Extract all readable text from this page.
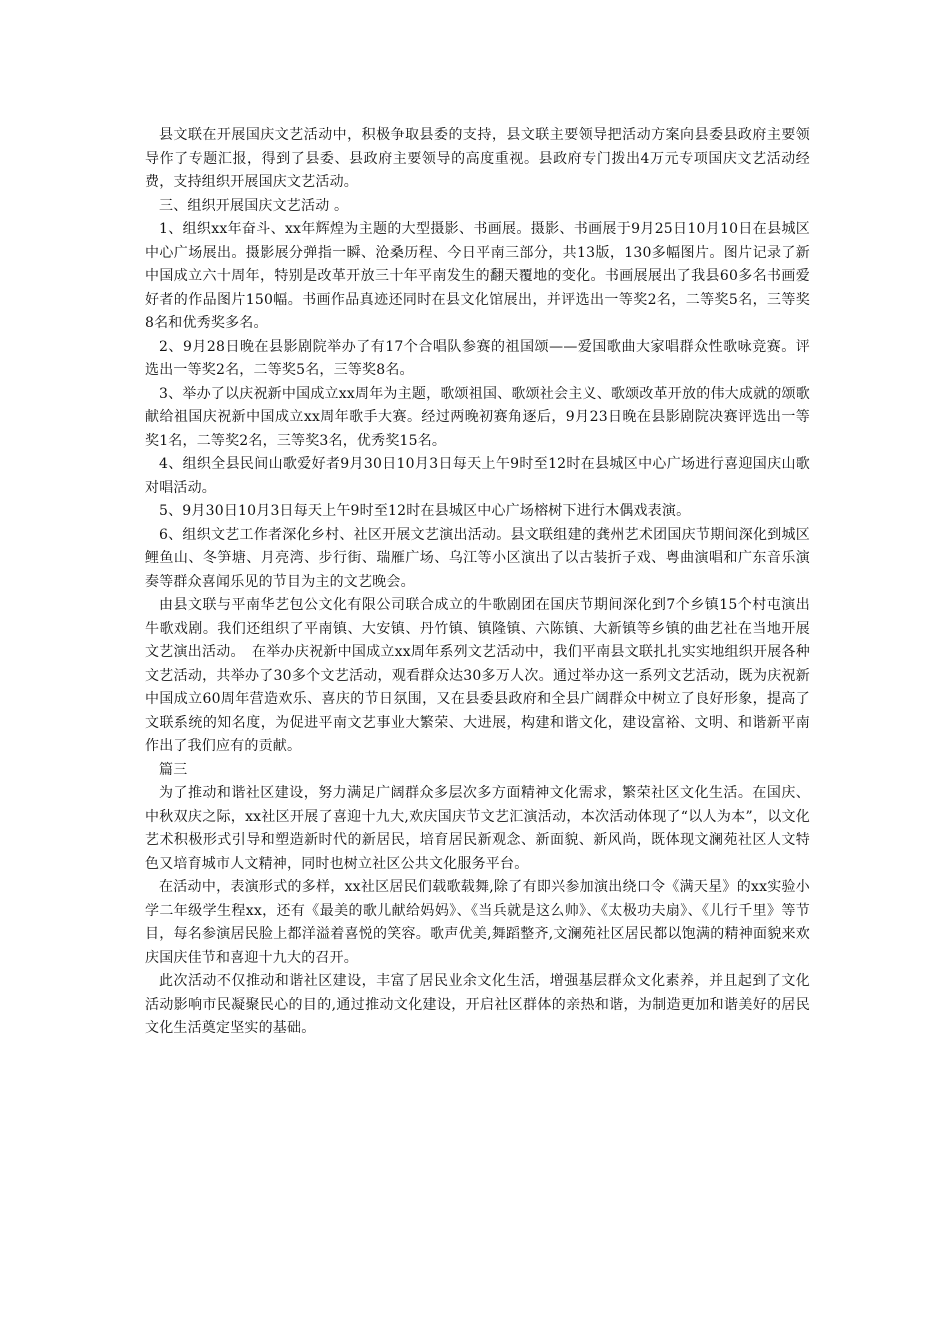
县文联在开展国庆文艺活动中，积极争取县委的支持，县文联主要领导把活动方案向县委县政府主要领导作了专题汇报，得到了县委、县政府主要领导的高度重视。县政府专门拨出4万元专项国庆文艺活动经费，支持组织开展国庆文艺活动。

三、组织开展国庆文艺活动 。

1、组织xx年奋斗、xx年辉煌为主题的大型摄影、书画展。摄影、书画展于9月25日10月10日在县城区中心广场展出。摄影展分弹指一瞬、沧桑历程、今日平南三部分，共13版，130多幅图片。图片记录了新中国成立六十周年，特别是改革开放三十年平南发生的翻天覆地的变化。书画展展出了我县60多名书画爱好者的作品图片150幅。书画作品真迹还同时在县文化馆展出，并评选出一等奖2名，二等奖5名，三等奖8名和优秀奖多名。

2、9月28日晚在县影剧院举办了有17个合唱队参赛的祖国颂——爱国歌曲大家唱群众性歌咏竞赛。评选出一等奖2名，二等奖5名，三等奖8名。

3、举办了以庆祝新中国成立xx周年为主题，歌颂祖国、歌颂社会主义、歌颂改革开放的伟大成就的颂歌献给祖国庆祝新中国成立xx周年歌手大赛。经过两晚初赛角逐后，9月23日晚在县影剧院决赛评选出一等奖1名，二等奖2名，三等奖3名，优秀奖15名。

4、组织全县民间山歌爱好者9月30日10月3日每天上午9时至12时在县城区中心广场进行喜迎国庆山歌对唱活动。

5、9月30日10月3日每天上午9时至12时在县城区中心广场榕树下进行木偶戏表演。

6、组织文艺工作者深化乡村、社区开展文艺演出活动。县文联组建的龚州艺术团国庆节期间深化到城区鲤鱼山、冬笋塘、月亮湾、步行街、瑞雁广场、乌江等小区演出了以古装折子戏、粤曲演唱和广东音乐演奏等群众喜闻乐见的节目为主的文艺晚会。

由县文联与平南华艺包公文化有限公司联合成立的牛歌剧团在国庆节期间深化到7个乡镇15个村屯演出牛歌戏剧。我们还组织了平南镇、大安镇、丹竹镇、镇隆镇、六陈镇、大新镇等乡镇的曲艺社在当地开展文艺演出活动。　在举办庆祝新中国成立xx周年系列文艺活动中，我们平南县文联扎扎实实地组织开展各种文艺活动，共举办了30多个文艺活动，观看群众达30多万人次。通过举办这一系列文艺活动，既为庆祝新中国成立60周年营造欢乐、喜庆的节日氛围，又在县委县政府和全县广阔群众中树立了良好形象，提高了文联系统的知名度，为促进平南文艺事业大繁荣、大进展，构建和谐文化，建设富裕、文明、和谐新平南作出了我们应有的贡献。

篇三

为了推动和谐社区建设，努力满足广阔群众多层次多方面精神文化需求，繁荣社区文化生活。在国庆、中秋双庆之际，xx社区开展了喜迎十九大,欢庆国庆节文艺汇演活动，本次活动体现了“以人为本”，以文化艺术积极形式引导和塑造新时代的新居民，培育居民新观念、新面貌、新风尚，既体现文澜苑社区人文特色又培育城市人文精神，同时也树立社区公共文化服务平台。

在活动中，表演形式的多样，xx社区居民们载歌载舞,除了有即兴参加演出绕口令《满天星》的xx实验小学二年级学生程xx，还有《最美的歌儿献给妈妈》、《当兵就是这么帅》、《太极功夫扇》、《儿行千里》等节目，每名参演居民脸上都洋溢着喜悦的笑容。歌声优美,舞蹈整齐,文澜苑社区居民都以饱满的精神面貌来欢庆国庆佳节和喜迎十九大的召开。

此次活动不仅推动和谐社区建设，丰富了居民业余文化生活，增强基层群众文化素养，并且起到了文化活动影响市民凝聚民心的目的,通过推动文化建设，开启社区群体的亲热和谐，为制造更加和谐美好的居民文化生活奠定坚实的基础。
